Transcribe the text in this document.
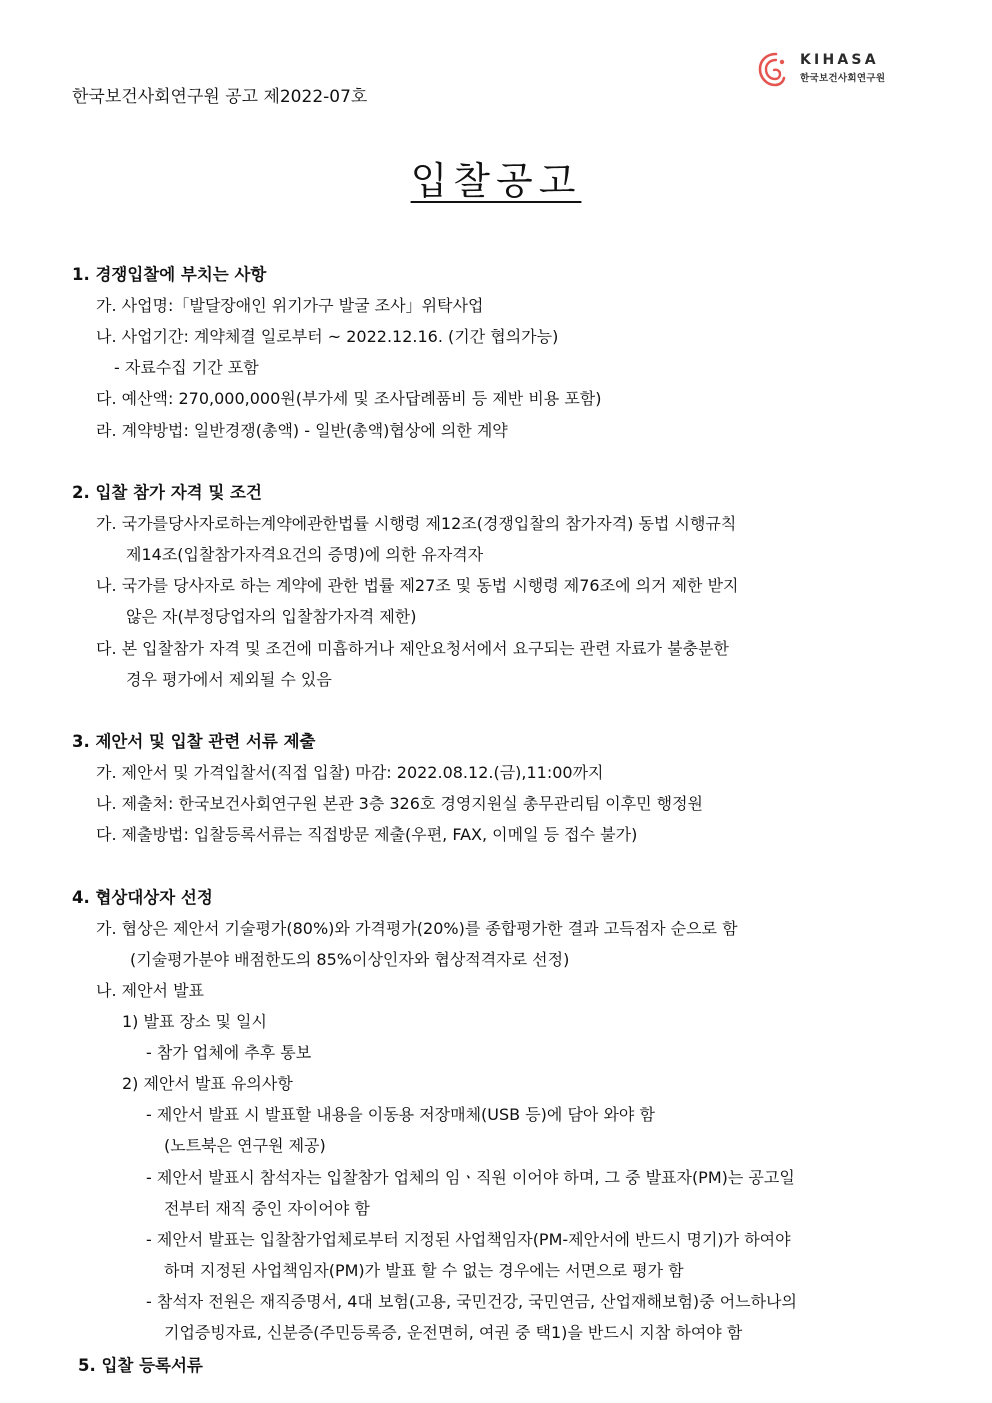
한국보건사회연구원 공고 제2022-07호
KIHASA
한국보건사회연구원
입찰공고
1. 경쟁입찰에 부치는 사항
가. 사업명:「발달장애인 위기가구 발굴 조사」위탁사업
나. 사업기간: 계약체결 일로부터 ~ 2022.12.16. (기간 협의가능)
- 자료수집 기간 포함
다. 예산액: 270,000,000원(부가세 및 조사답례품비 등 제반 비용 포함)
라. 계약방법: 일반경쟁(총액) - 일반(총액)협상에 의한 계약
2. 입찰 참가 자격 및 조건
가. 국가를당사자로하는계약에관한법률 시행령 제12조(경쟁입찰의 참가자격) 동법 시행규칙
제14조(입찰참가자격요건의 증명)에 의한 유자격자
나. 국가를 당사자로 하는 계약에 관한 법률 제27조 및 동법 시행령 제76조에 의거 제한 받지
않은 자(부정당업자의 입찰참가자격 제한)
다. 본 입찰참가 자격 및 조건에 미흡하거나 제안요청서에서 요구되는 관련 자료가 불충분한
경우 평가에서 제외될 수 있음
3. 제안서 및 입찰 관련 서류 제출
가. 제안서 및 가격입찰서(직접 입찰) 마감: 2022.08.12.(금),11:00까지
나. 제출처: 한국보건사회연구원 본관 3층 326호 경영지원실 총무관리팀 이후민 행정원
다. 제출방법: 입찰등록서류는 직접방문 제출(우편, FAX, 이메일 등 접수 불가)
4. 협상대상자 선정
가. 협상은 제안서 기술평가(80%)와 가격평가(20%)를 종합평가한 결과 고득점자 순으로 함
(기술평가분야 배점한도의 85%이상인자와 협상적격자로 선정)
나. 제안서 발표
1) 발표 장소 및 일시
- 참가 업체에 추후 통보
2) 제안서 발표 유의사항
- 제안서 발표 시 발표할 내용을 이동용 저장매체(USB 등)에 담아 와야 함
(노트북은 연구원 제공)
- 제안서 발표시 참석자는 입찰참가 업체의 임ㆍ직원 이어야 하며, 그 중 발표자(PM)는 공고일
전부터 재직 중인 자이어야 함
- 제안서 발표는 입찰참가업체로부터 지정된 사업책임자(PM-제안서에 반드시 명기)가 하여야
하며 지정된 사업책임자(PM)가 발표 할 수 없는 경우에는 서면으로 평가 함
- 참석자 전원은 재직증명서, 4대 보험(고용, 국민건강, 국민연금, 산업재해보험)중 어느하나의
기업증빙자료, 신분증(주민등록증, 운전면허, 여권 중 택1)을 반드시 지참 하여야 함
5. 입찰 등록서류
